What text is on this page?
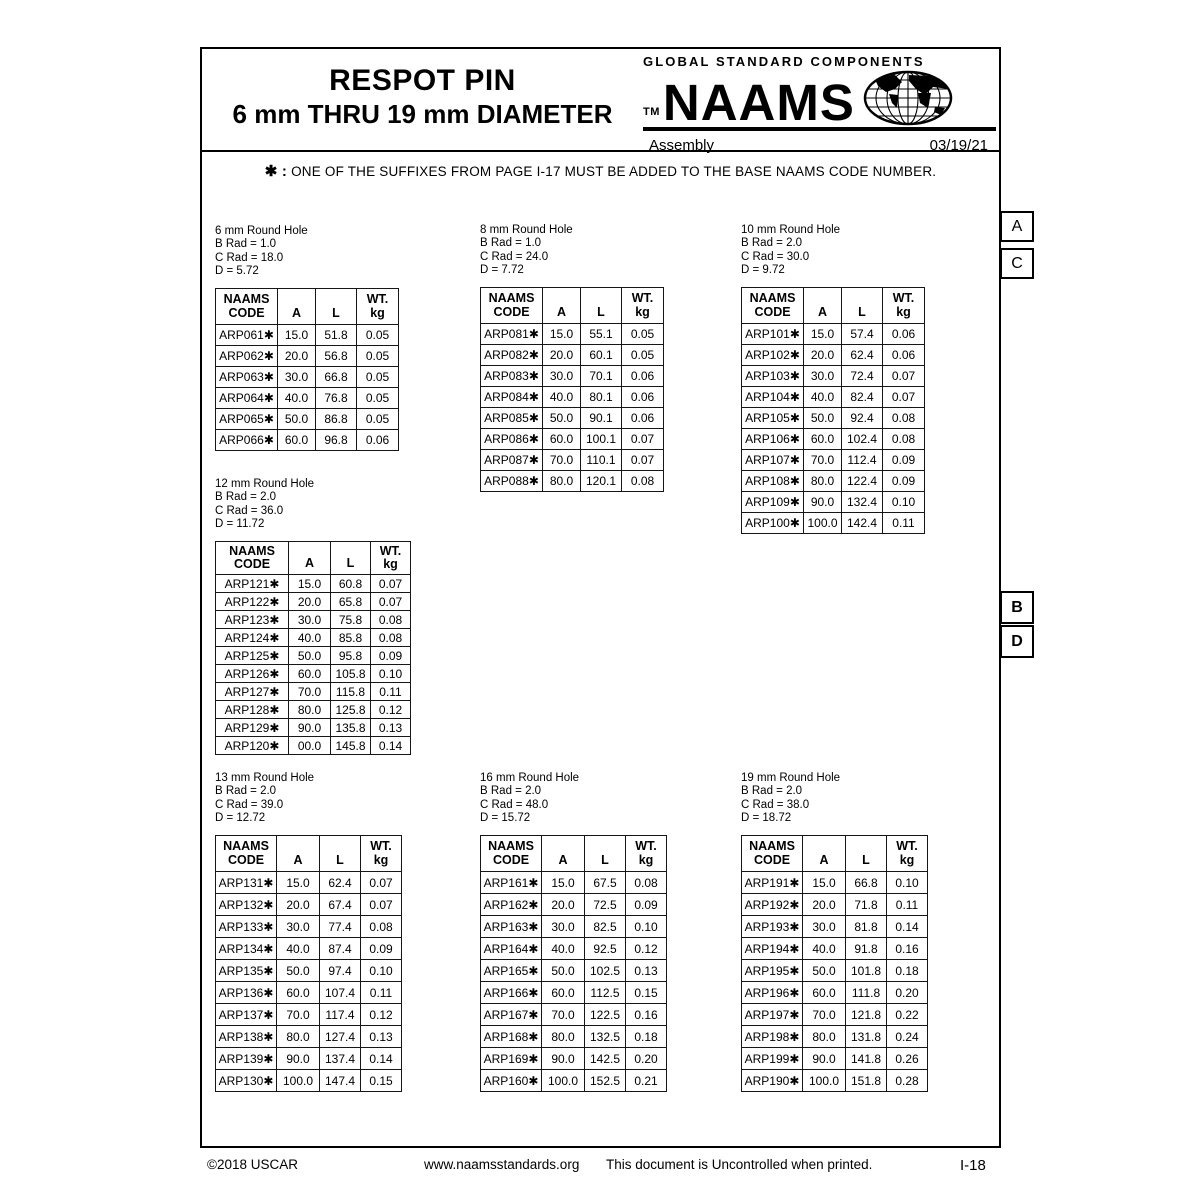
RESPOT PIN
6 mm THRU 19 mm DIAMETER
GLOBAL STANDARD COMPONENTS
TM NAAMS
Assembly	03/19/21
✱ : ONE OF THE SUFFIXES FROM PAGE I-17 MUST BE ADDED TO THE BASE NAAMS CODE NUMBER.
6 mm Round Hole
B Rad = 1.0
C Rad = 18.0
D = 5.72
NAAMS
CODE	A	L	WT.
kg
ARP061✱	15.0	51.8	0.05
ARP062✱	20.0	56.8	0.05
ARP063✱	30.0	66.8	0.05
ARP064✱	40.0	76.8	0.05
ARP065✱	50.0	86.8	0.05
ARP066✱	60.0	96.8	0.06
8 mm Round Hole
B Rad = 1.0
C Rad = 24.0
D = 7.72
NAAMS
CODE	A	L	WT.
kg
ARP081✱	15.0	55.1	0.05
ARP082✱	20.0	60.1	0.05
ARP083✱	30.0	70.1	0.06
ARP084✱	40.0	80.1	0.06
ARP085✱	50.0	90.1	0.06
ARP086✱	60.0	100.1	0.07
ARP087✱	70.0	110.1	0.07
ARP088✱	80.0	120.1	0.08
10 mm Round Hole
B Rad = 2.0
C Rad = 30.0
D = 9.72
NAAMS
CODE	A	L	WT.
kg
ARP101✱	15.0	57.4	0.06
ARP102✱	20.0	62.4	0.06
ARP103✱	30.0	72.4	0.07
ARP104✱	40.0	82.4	0.07
ARP105✱	50.0	92.4	0.08
ARP106✱	60.0	102.4	0.08
ARP107✱	70.0	112.4	0.09
ARP108✱	80.0	122.4	0.09
ARP109✱	90.0	132.4	0.10
ARP100✱	100.0	142.4	0.11
12 mm Round Hole
B Rad = 2.0
C Rad = 36.0
D = 11.72
NAAMS
CODE	A	L	WT.
kg
ARP121✱	15.0	60.8	0.07
ARP122✱	20.0	65.8	0.07
ARP123✱	30.0	75.8	0.08
ARP124✱	40.0	85.8	0.08
ARP125✱	50.0	95.8	0.09
ARP126✱	60.0	105.8	0.10
ARP127✱	70.0	115.8	0.11
ARP128✱	80.0	125.8	0.12
ARP129✱	90.0	135.8	0.13
ARP120✱	00.0	145.8	0.14
13 mm Round Hole
B Rad = 2.0
C Rad = 39.0
D = 12.72
NAAMS
CODE	A	L	WT.
kg
ARP131✱	15.0	62.4	0.07
ARP132✱	20.0	67.4	0.07
ARP133✱	30.0	77.4	0.08
ARP134✱	40.0	87.4	0.09
ARP135✱	50.0	97.4	0.10
ARP136✱	60.0	107.4	0.11
ARP137✱	70.0	117.4	0.12
ARP138✱	80.0	127.4	0.13
ARP139✱	90.0	137.4	0.14
ARP130✱	100.0	147.4	0.15
16 mm Round Hole
B Rad = 2.0
C Rad = 48.0
D = 15.72
NAAMS
CODE	A	L	WT.
kg
ARP161✱	15.0	67.5	0.08
ARP162✱	20.0	72.5	0.09
ARP163✱	30.0	82.5	0.10
ARP164✱	40.0	92.5	0.12
ARP165✱	50.0	102.5	0.13
ARP166✱	60.0	112.5	0.15
ARP167✱	70.0	122.5	0.16
ARP168✱	80.0	132.5	0.18
ARP169✱	90.0	142.5	0.20
ARP160✱	100.0	152.5	0.21
19 mm Round Hole
B Rad = 2.0
C Rad = 38.0
D = 18.72
NAAMS
CODE	A	L	WT.
kg
ARP191✱	15.0	66.8	0.10
ARP192✱	20.0	71.8	0.11
ARP193✱	30.0	81.8	0.14
ARP194✱	40.0	91.8	0.16
ARP195✱	50.0	101.8	0.18
ARP196✱	60.0	111.8	0.20
ARP197✱	70.0	121.8	0.22
ARP198✱	80.0	131.8	0.24
ARP199✱	90.0	141.8	0.26
ARP190✱	100.0	151.8	0.28
A
C
B
D
©2018 USCAR	www.naamsstandards.org This document is Uncontrolled when printed.	I-18
